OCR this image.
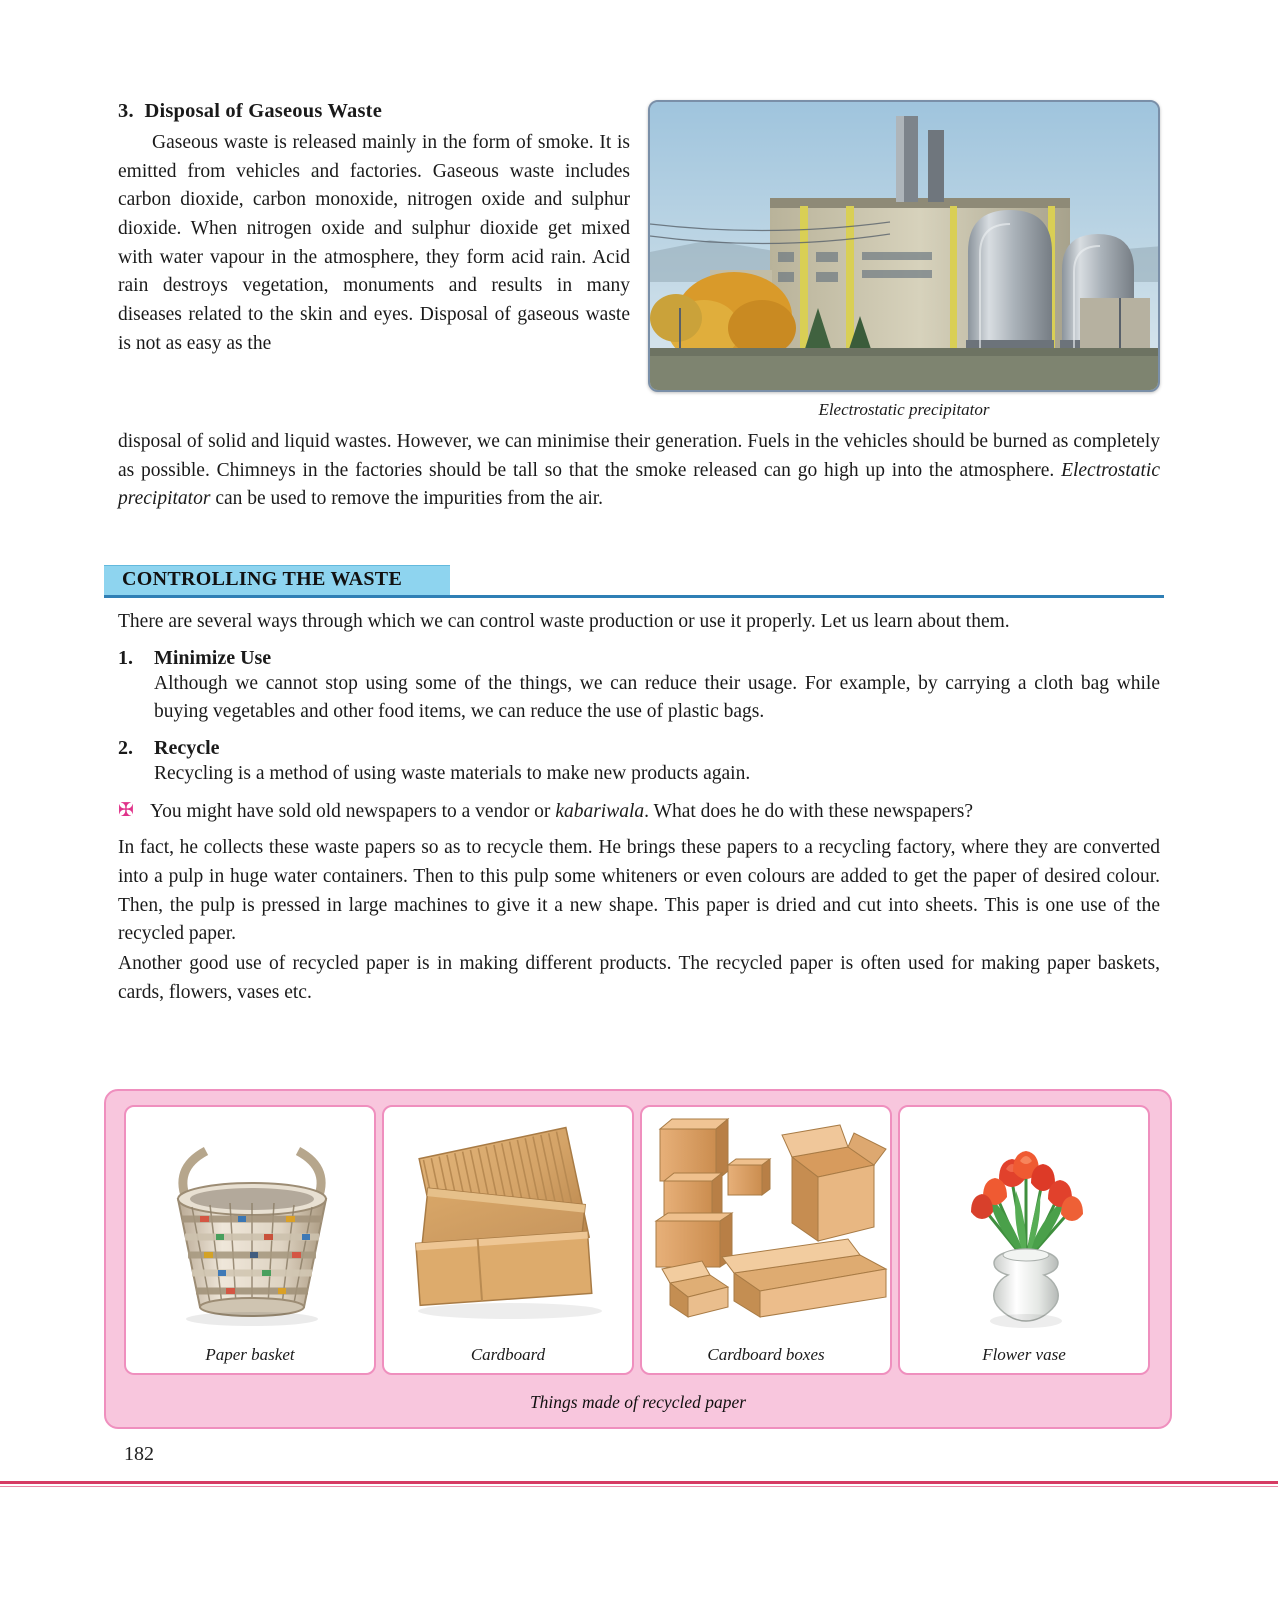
Electrostatic precipitator

3. Disposal of Gaseous Waste

Gaseous waste is released mainly in the form of smoke. It is emitted from vehicles and factories. Gaseous waste includes carbon dioxide, carbon monoxide, nitrogen oxide and sulphur dioxide. When nitrogen oxide and sulphur dioxide get mixed with water vapour in the atmosphere, they form acid rain. Acid rain destroys vegetation, monuments and results in many diseases related to the skin and eyes. Disposal of gaseous waste is not as easy as the

disposal of solid and liquid wastes. However, we can minimise their generation. Fuels in the vehicles should be burned as completely as possible. Chimneys in the factories should be tall so that the smoke released can go high up into the atmosphere. Electrostatic precipitator can be used to remove the impurities from the air.

CONTROLLING THE WASTE

There are several ways through which we can control waste production or use it properly. Let us learn about them.

1.	Minimize Use
Although we cannot stop using some of the things, we can reduce their usage. For example, by carrying a cloth bag while buying vegetables and other food items, we can reduce the use of plastic bags.
2.	Recycle
Recycling is a method of using waste materials to make new products again.
✠ You might have sold old newspapers to a vendor or kabariwala. What does he do with these newspapers?

In fact, he collects these waste papers so as to recycle them. He brings these papers to a recycling factory, where they are converted into a pulp in huge water containers. Then to this pulp some whiteners or even colours are added to get the paper of desired colour. Then, the pulp is pressed in large machines to give it a new shape. This paper is dried and cut into sheets. This is one use of the recycled paper.

Another good use of recycled paper is in making different products. The recycled paper is often used for making paper baskets, cards, flowers, vases etc.

Paper basket	Cardboard	Cardboard boxes	Flower vase
Things made of recycled paper
182
